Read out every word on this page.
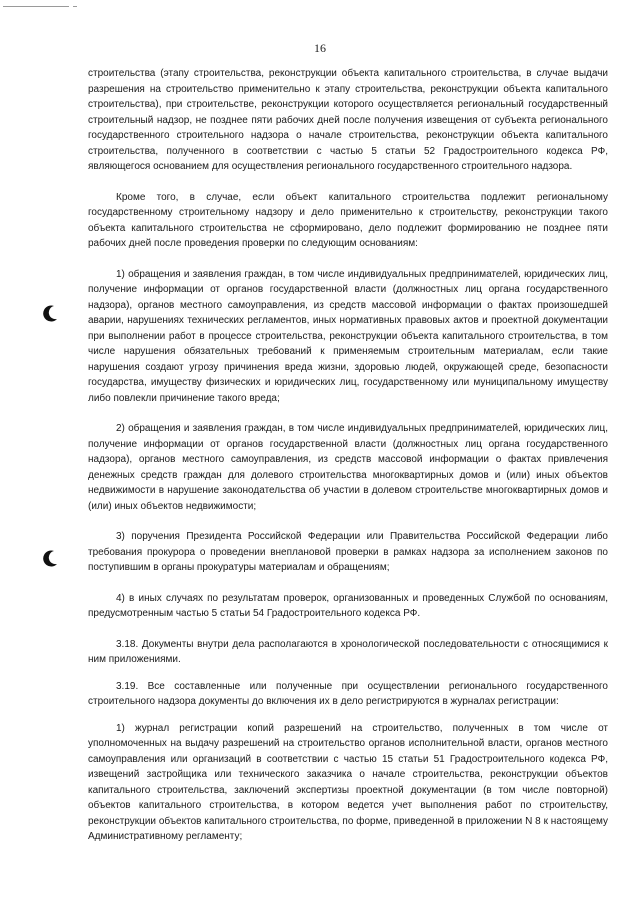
16

строительства (этапу строительства, реконструкции объекта капитального строительства, в случае выдачи разрешения на строительство применительно к этапу строительства, реконструкции объекта капитального строительства), при строительстве, реконструкции которого осуществляется региональный государственный строительный надзор, не позднее пяти рабочих дней после получения извещения от субъекта регионального государственного строительного надзора о начале строительства, реконструкции объекта капитального строительства, полученного в соответствии с частью 5 статьи 52 Градостроительного кодекса РФ, являющегося основанием для осуществления регионального государственного строительного надзора.

Кроме того, в случае, если объект капитального строительства подлежит региональному государственному строительному надзору и дело применительно к строительству, реконструкции такого объекта капитального строительства не сформировано, дело подлежит формированию не позднее пяти рабочих дней после проведения проверки по следующим основаниям:

1) обращения и заявления граждан, в том числе индивидуальных предпринимателей, юридических лиц, получение информации от органов государственной власти (должностных лиц органа государственного надзора), органов местного самоуправления, из средств массовой информации о фактах произошедшей аварии, нарушениях технических регламентов, иных нормативных правовых актов и проектной документации при выполнении работ в процессе строительства, реконструкции объекта капитального строительства, в том числе нарушения обязательных требований к применяемым строительным материалам, если такие нарушения создают угрозу причинения вреда жизни, здоровью людей, окружающей среде, безопасности государства, имуществу физических и юридических лиц, государственному или муниципальному имуществу либо повлекли причинение такого вреда;

2) обращения и заявления граждан, в том числе индивидуальных предпринимателей, юридических лиц, получение информации от органов государственной власти (должностных лиц органа государственного надзора), органов местного самоуправления, из средств массовой информации о фактах привлечения денежных средств граждан для долевого строительства многоквартирных домов и (или) иных объектов недвижимости в нарушение законодательства об участии в долевом строительстве многоквартирных домов и (или) иных объектов недвижимости;

3) поручения Президента Российской Федерации или Правительства Российской Федерации либо требования прокурора о проведении внеплановой проверки в рамках надзора за исполнением законов по поступившим в органы прокуратуры материалам и обращениям;

4) в иных случаях по результатам проверок, организованных и проведенных Службой по основаниям, предусмотренным частью 5 статьи 54 Градостроительного кодекса РФ.

3.18. Документы внутри дела располагаются в хронологической последовательности с относящимися к ним приложениями.

3.19. Все составленные или полученные при осуществлении регионального государственного строительного надзора документы до включения их в дело регистрируются в журналах регистрации:

1) журнал регистрации копий разрешений на строительство, полученных в том числе от уполномоченных на выдачу разрешений на строительство органов исполнительной власти, органов местного самоуправления или организаций в соответствии с частью 15 статьи 51 Градостроительного кодекса РФ, извещений застройщика или технического заказчика о начале строительства, реконструкции объектов капитального строительства, заключений экспертизы проектной документации (в том числе повторной) объектов капитального строительства, в котором ведется учет выполнения работ по строительству, реконструкции объектов капитального строительства, по форме, приведенной в приложении N 8 к настоящему Административному регламенту;
